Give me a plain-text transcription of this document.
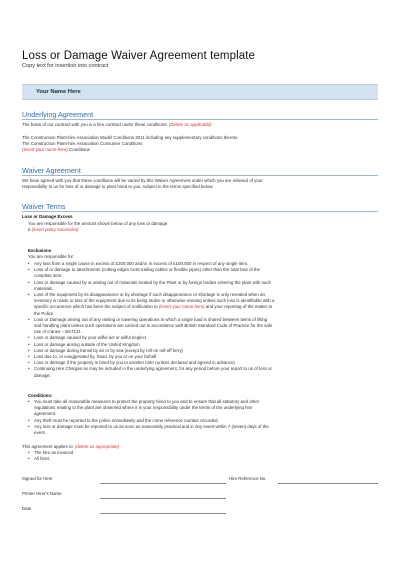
Loss or Damage Waiver Agreement template
Copy text for insertion into contract
Your Name Here
Underlying Agreement
The basis of our contract with you is a hire contract under these conditions: (Delete as applicable)
The Construction Plant-hire Association Model Conditions 2011 including any supplementary conditions thereto
The Construction Plant-hire Association Consumer Conditions
(Insert your name here) Conditions
Waiver Agreement
We have agreed with you that these conditions will be varied by this Waiver Agreement under which you are relieved of your
responsibility to us for loss of or damage to plant hired to you, subject to the terms specified below.
Waiver Terms
Loss or Damage Excess
You are responsible for the amount shown below of any loss or damage:
£ (insert policy excess/es)
Exclusions
You are responsible for:
• Any loss from a single cause in excess of £200,000 and/or in excess of £100,000 in respect of any single item.
• Loss of or damage to attachments (cutting edges tools trailing cables or flexible pipes) other than the total loss of the
complete item.
• Loss or damage caused by or arising out of materials treated by the Plant or by foreign bodies entering the plant with such
materials.
• Loss of the equipment by its disappearance or by shortage if such disappearance or shortage is only revealed when an
inventory is made or loss of the equipment due to its being stolen or otherwise missing unless such loss is identifiable with a
specific occurrence which has been the subject of notification to (insert your name here) and your reporting of the matter to
the Police
• Loss or Damage arising out of any raising or lowering operations in which a single load is shared between items of lifting
and handling plant unless such operations are carried out in accordance with British Standard Code of Practice for the safe
use of cranes – BS7121
• Loss or damage caused by your wilful act or wilful neglect.
• Loss or damage arising outside of the United Kingdom
• Loss or damage during transit by air or by sea (except by roll-on roll-off ferry)
• Loss due to, or exaggerated by, fraud, by you or on your behalf
• Loss or damage if the property is hired by you to another hirer (unless declared and agreed in advance)
• Continuing Hire Charges as may be included in the underlying agreement, for any period before your report to us of loss or
damage.
Conditions:
• You must take all reasonable measures to protect the property hired to you and to ensure that all statutory and other
regulations relating to the plant are observed where it is your responsibility under the terms of the underlying hire
agreement.
• Any theft must be reported to the police immediately and the crime reference number recorded.
• Any loss or damage must be reported to us as soon as reasonably practical and in any event within 7 (seven) days of the
event.
This agreement applies to: (delete as appropriate)
• The hire as invoiced
• All hires
Signed for Hirer	Hire Reference No.
Printer Hirer's Name
Date
